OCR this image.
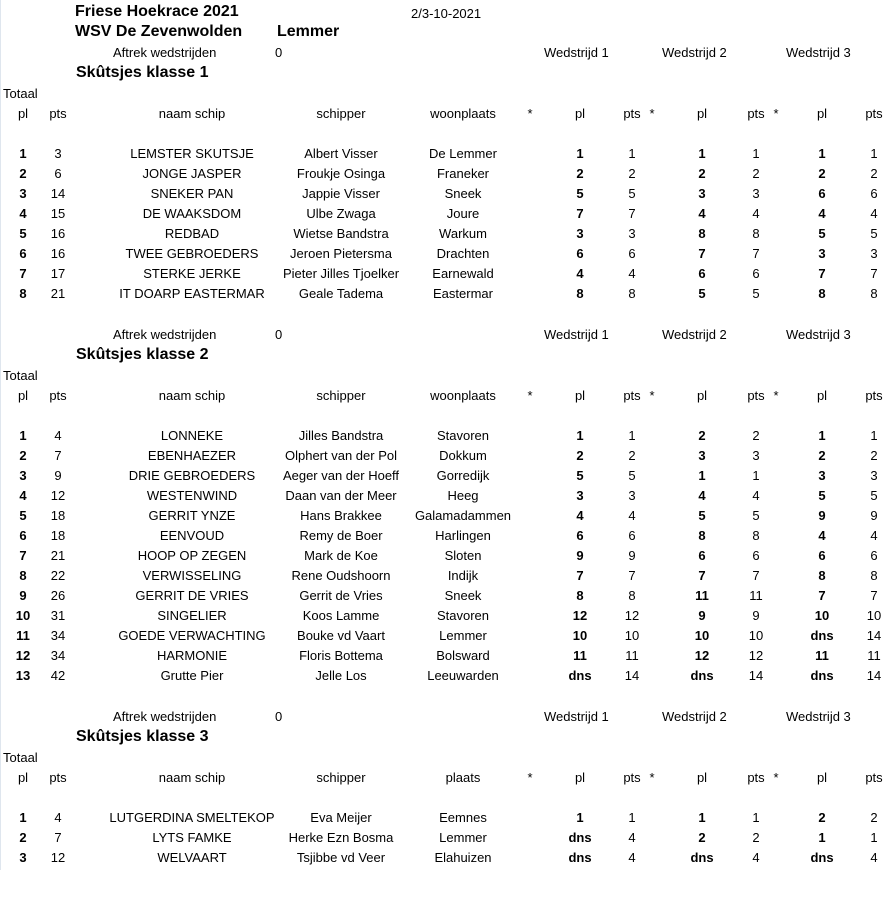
Friese Hoekrace 2021	2/3-10-2021
WSV De Zevenwolden Lemmer
Aftrek wedstrijden	0	Wedstrijd 1	Wedstrijd 2	Wedstrijd 3
Skûtsjes klasse 1
Totaal
pl	pts	naam schip	schipper	woonplaats	*	pl	pts *	pl	pts *	pl	pts
1	3	LEMSTER SKUTSJE	Albert Visser	De Lemmer	1	1	1	1	1	1
2	6	JONGE JASPER	Froukje Osinga	Franeker	2	2	2	2	2	2
3	14	SNEKER PAN	Jappie Visser	Sneek	5	5	3	3	6	6
4	15	DE WAAKSDOM	Ulbe Zwaga	Joure	7	7	4	4	4	4
5	16	REDBAD	Wietse Bandstra	Warkum	3	3	8	8	5	5
6	16	TWEE GEBROEDERS	Jeroen Pietersma	Drachten	6	6	7	7	3	3
7	17	STERKE JERKE	Pieter Jilles Tjoelker	Earnewald	4	4	6	6	7	7
8	21	IT DOARP EASTERMAR	Geale Tadema	Eastermar	8	8	5	5	8	8
Aftrek wedstrijden	0	Wedstrijd 1	Wedstrijd 2	Wedstrijd 3
Skûtsjes klasse 2
Totaal
pl	pts	naam schip	schipper	woonplaats	*	pl	pts *	pl	pts *	pl	pts
1	4	LONNEKE	Jilles Bandstra	Stavoren	1	1	2	2	1	1
2	7	EBENHAEZER	Olphert van der Pol	Dokkum	2	2	3	3	2	2
3	9	DRIE GEBROEDERS	Aeger van der Hoeff	Gorredijk	5	5	1	1	3	3
4	12	WESTENWIND	Daan van der Meer	Heeg	3	3	4	4	5	5
5	18	GERRIT YNZE	Hans Brakkee	Galamadammen	4	4	5	5	9	9
6	18	EENVOUD	Remy de Boer	Harlingen	6	6	8	8	4	4
7	21	HOOP OP ZEGEN	Mark de Koe	Sloten	9	9	6	6	6	6
8	22	VERWISSELING	Rene Oudshoorn	Indijk	7	7	7	7	8	8
9	26	GERRIT DE VRIES	Gerrit de Vries	Sneek	8	8	11	11	7	7
10	31	SINGELIER	Koos Lamme	Stavoren	12	12	9	9	10	10
11	34	GOEDE VERWACHTING	Bouke vd Vaart	Lemmer	10	10	10	10	dns	14
12	34	HARMONIE	Floris Bottema	Bolsward	11	11	12	12	11	11
13	42	Grutte Pier	Jelle Los	Leeuwarden	dns	14	dns	14	dns	14
Aftrek wedstrijden	0	Wedstrijd 1	Wedstrijd 2	Wedstrijd 3
Skûtsjes klasse 3
Totaal
pl	pts	naam schip	schipper	plaats	*	pl	pts *	pl	pts *	pl	pts
1	4	LUTGERDINA SMELTEKOP	Eva Meijer	Eemnes	1	1	1	1	2	2
2	7	LYTS FAMKE	Herke Ezn Bosma	Lemmer	dns	4	2	2	1	1
3	12	WELVAART	Tsjibbe vd Veer	Elahuizen	dns	4	dns	4	dns	4
